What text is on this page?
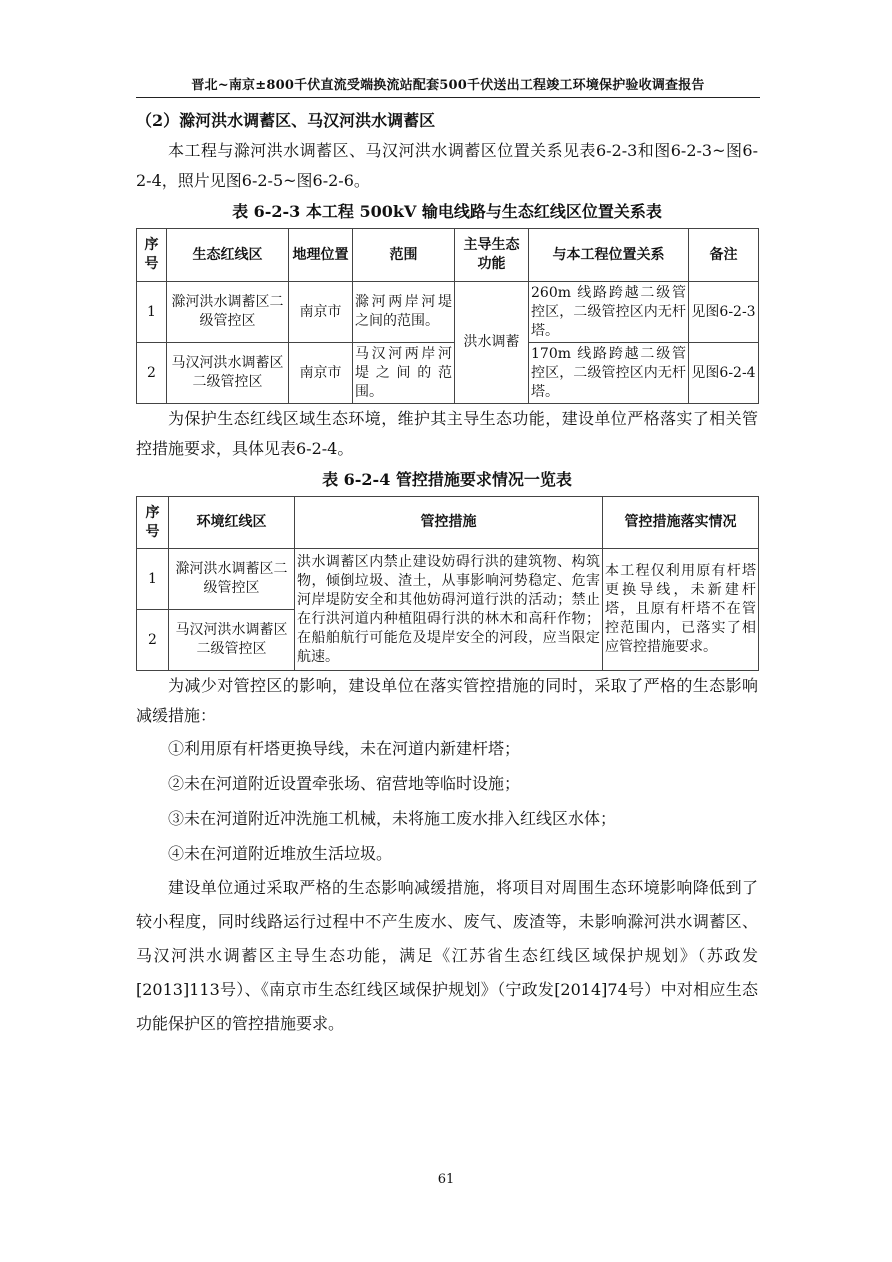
晋北~南京±800千伏直流受端换流站配套500千伏送出工程竣工环境保护验收调查报告

（2）滁河洪水调蓄区、马汉河洪水调蓄区

本工程与滁河洪水调蓄区、马汉河洪水调蓄区位置关系见表6-2-3和图6-2-3~图6-2-4，照片见图6-2-5~图6-2-6。

表 6-2-3 本工程 500kV 输电线路与生态红线区位置关系表
序号	生态红线区	地理位置	范围	主导生态功能	与本工程位置关系	备注
1	滁河洪水调蓄区二级管控区	南京市	滁河两岸河堤之间的范围。	洪水调蓄	260m 线路跨越二级管控区，二级管控区内无杆塔。	见图6-2-3
2	马汉河洪水调蓄区二级管控区	南京市	马汉河两岸河堤之间的范围。		170m 线路跨越二级管控区，二级管控区内无杆塔。	见图6-2-4

为保护生态红线区域生态环境，维护其主导生态功能，建设单位严格落实了相关管控措施要求，具体见表6-2-4。

表 6-2-4 管控措施要求情况一览表
序号	环境红线区	管控措施	管控措施落实情况
1	滁河洪水调蓄区二级管控区	洪水调蓄区内禁止建设妨碍行洪的建筑物、构筑物，倾倒垃圾、渣土，从事影响河势稳定、危害河岸堤防安全和其他妨碍河道行洪的活动；禁止在行洪河道内种植阻碍行洪的林木和高秆作物；在船舶航行可能危及堤岸安全的河段，应当限定航速。	本工程仅利用原有杆塔更换导线，未新建杆塔，且原有杆塔不在管控范围内，已落实了相应管控措施要求。
2	马汉河洪水调蓄区二级管控区		

为减少对管控区的影响，建设单位在落实管控措施的同时，采取了严格的生态影响减缓措施：

①利用原有杆塔更换导线，未在河道内新建杆塔；

②未在河道附近设置牵张场、宿营地等临时设施；

③未在河道附近冲洗施工机械，未将施工废水排入红线区水体；

④未在河道附近堆放生活垃圾。

建设单位通过采取严格的生态影响减缓措施，将项目对周围生态环境影响降低到了较小程度，同时线路运行过程中不产生废水、废气、废渣等，未影响滁河洪水调蓄区、马汉河洪水调蓄区主导生态功能，满足《江苏省生态红线区域保护规划》（苏政发[2013]113号）、《南京市生态红线区域保护规划》（宁政发[2014]74号）中对相应生态功能保护区的管控措施要求。

61
